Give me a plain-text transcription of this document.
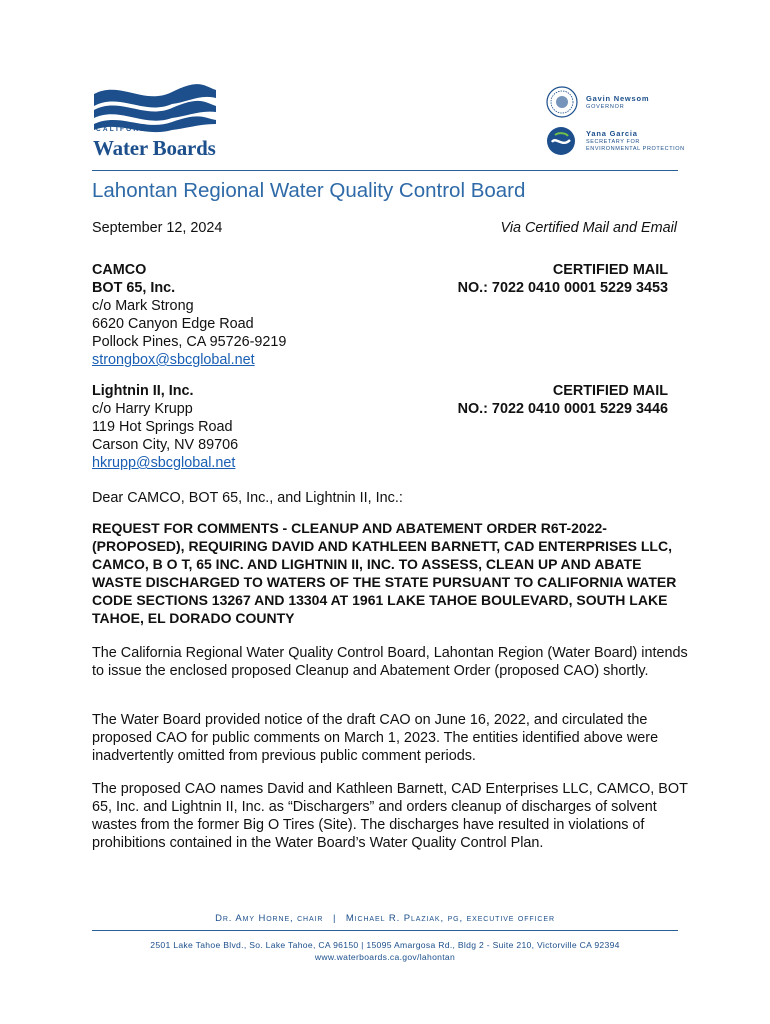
CALIFORNIA
Water Boards
Gavin Newsom
GOVERNOR
Yana Garcia
SECRETARY FOR
ENVIRONMENTAL PROTECTION
Lahontan Regional Water Quality Control Board
September 12, 2024	Via Certified Mail and Email
CAMCO
BOT 65, Inc.
c/o Mark Strong
6620 Canyon Edge Road
Pollock Pines, CA 95726-9219
strongbox@sbcglobal.net
CERTIFIED MAIL
NO.: 7022 0410 0001 5229 3453
Lightnin II, Inc.
c/o Harry Krupp
119 Hot Springs Road
Carson City, NV 89706
hkrupp@sbcglobal.net
CERTIFIED MAIL
NO.: 7022 0410 0001 5229 3446
Dear CAMCO, BOT 65, Inc., and Lightnin II, Inc.:
REQUEST FOR COMMENTS - CLEANUP AND ABATEMENT ORDER R6T-2022-(PROPOSED), REQUIRING DAVID AND KATHLEEN BARNETT, CAD ENTERPRISES LLC, CAMCO, B O T, 65 INC. AND LIGHTNIN II, INC. TO ASSESS, CLEAN UP AND ABATE WASTE DISCHARGED TO WATERS OF THE STATE PURSUANT TO CALIFORNIA WATER CODE SECTIONS 13267 AND 13304 AT 1961 LAKE TAHOE BOULEVARD, SOUTH LAKE TAHOE, EL DORADO COUNTY
The California Regional Water Quality Control Board, Lahontan Region (Water Board) intends to issue the enclosed proposed Cleanup and Abatement Order (proposed CAO) shortly.
The Water Board provided notice of the draft CAO on June 16, 2022, and circulated the proposed CAO for public comments on March 1, 2023. The entities identified above were inadvertently omitted from previous public comment periods.
The proposed CAO names David and Kathleen Barnett, CAD Enterprises LLC, CAMCO, BOT 65, Inc. and Lightnin II, Inc. as “Dischargers” and orders cleanup of discharges of solvent wastes from the former Big O Tires (Site). The discharges have resulted in violations of prohibitions contained in the Water Board’s Water Quality Control Plan.
Dr. Amy Horne, chair | Michael R. Plaziak, pg, executive officer
2501 Lake Tahoe Blvd., So. Lake Tahoe, CA 96150 | 15095 Amargosa Rd., Bldg 2 - Suite 210, Victorville CA 92394
www.waterboards.ca.gov/lahontan
